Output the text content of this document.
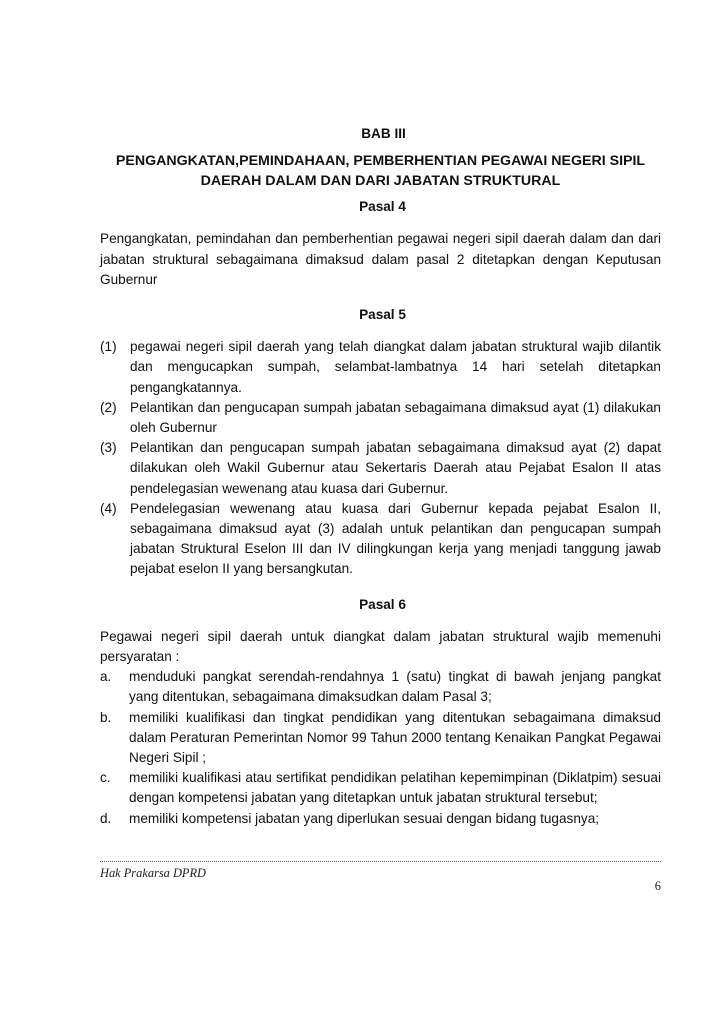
BAB III

PENGANGKATAN,PEMINDAHAAN, PEMBERHENTIAN PEGAWAI NEGERI SIPIL
DAERAH DALAM DAN DARI JABATAN STRUKTURAL

Pasal 4

Pengangkatan, pemindahan dan pemberhentian pegawai negeri sipil daerah dalam dan dari jabatan struktural sebagaimana dimaksud dalam pasal 2 ditetapkan dengan Keputusan Gubernur

Pasal 5

(1) pegawai negeri sipil daerah yang telah diangkat dalam jabatan struktural wajib dilantik dan mengucapkan sumpah, selambat-lambatnya 14 hari setelah ditetapkan pengangkatannya.
(2) Pelantikan dan pengucapan sumpah jabatan sebagaimana dimaksud ayat (1) dilakukan oleh Gubernur
(3) Pelantikan dan pengucapan sumpah jabatan sebagaimana dimaksud ayat (2) dapat dilakukan oleh Wakil Gubernur atau Sekertaris Daerah atau Pejabat Esalon II atas pendelegasian wewenang atau kuasa dari Gubernur.
(4) Pendelegasian wewenang atau kuasa dari Gubernur kepada pejabat Esalon II, sebagaimana dimaksud ayat (3) adalah untuk pelantikan dan pengucapan sumpah jabatan Struktural Eselon III dan IV dilingkungan kerja yang menjadi tanggung jawab pejabat eselon II yang bersangkutan.

Pasal 6

Pegawai negeri sipil daerah untuk diangkat dalam jabatan struktural wajib memenuhi persyaratan :

a. menduduki pangkat serendah-rendahnya 1 (satu) tingkat di bawah jenjang pangkat yang ditentukan, sebagaimana dimaksudkan dalam Pasal 3;
b. memiliki kualifikasi dan tingkat pendidikan yang ditentukan sebagaimana dimaksud dalam Peraturan Pemerintan Nomor 99 Tahun 2000 tentang Kenaikan Pangkat Pegawai Negeri Sipil ;
c. memiliki kualifikasi atau sertifikat pendidikan pelatihan kepemimpinan (Diklatpim) sesuai dengan kompetensi jabatan yang ditetapkan untuk jabatan struktural tersebut;
d. memiliki kompetensi jabatan yang diperlukan sesuai dengan bidang tugasnya;
Hak Prakarsa DPRD
6
